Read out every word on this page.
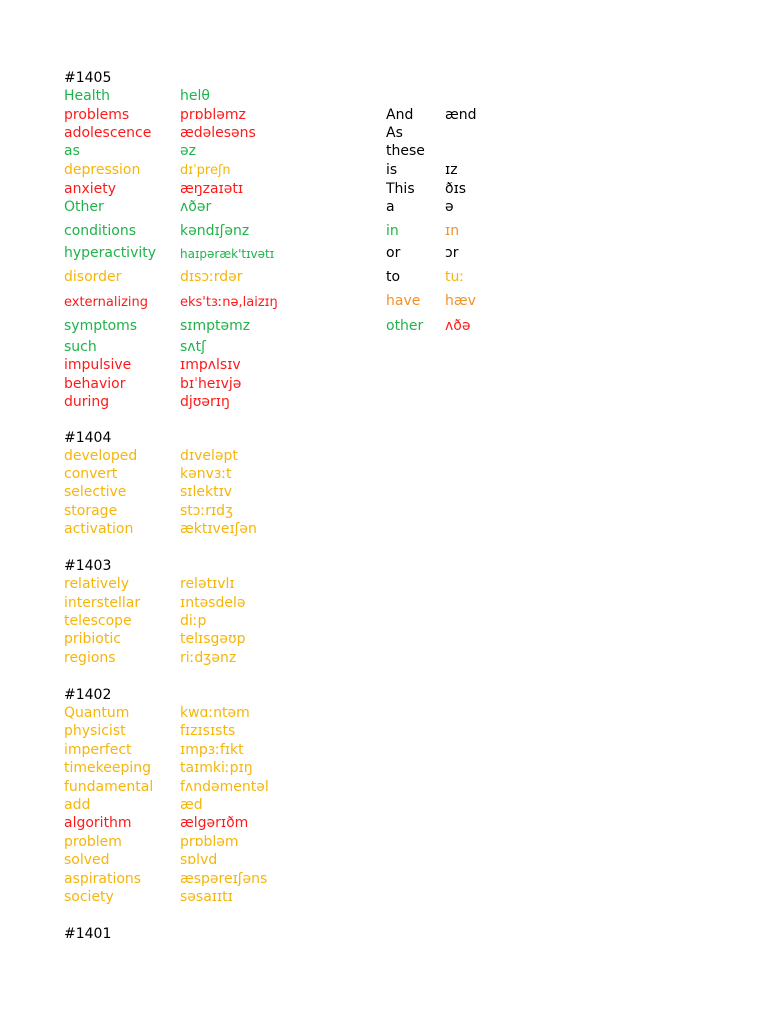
#1405
Health	helθ
problems	prɒbləmz
adolescence ædəlesəns
as	əz
depression	dɪˈpreʃn
anxiety	æŋzaɪətɪ
Other	ʌðər
conditions	kəndɪʃənz
hyperactivity haɪpəræk'tɪvətɪ
disorder	dɪsɔːrdər
externalizing eks'tɜːnə,laizɪŋ
symptoms	sɪmptəmz
such	sʌtʃ
impulsive	ɪmpʌlsɪv
behavior	bɪˈheɪvjə
during	djʊərɪŋ
And ænd
As
these
is	ɪz
This ðɪs
a	ə
in	ɪn
or	ɔr
to	tuː
have hæv
other ʌðə
#1404
developed	dɪveləpt
convert	kənvɜːt
selective	sɪlektɪv
storage	stɔːrɪdʒ
activation	æktɪveɪʃən
#1403
relatively	relətɪvlɪ
interstellar	ɪntəsdelə
telescope	diːp
pribiotic	telɪsgəʊp
regions	riːdʒənz
#1402
Quantum	kwɑːntəm
physicist	fɪzɪsɪsts
imperfect	ɪmpɜːfɪkt
timekeeping taɪmkiːpɪŋ
fundamental fʌndəmentəl
add	æd
algorithm	ælgərɪðm
problem	prɒbləm
solved	sɒlvd
aspirations	æspəreɪʃəns
society	səsaɪɪtɪ
#1401
